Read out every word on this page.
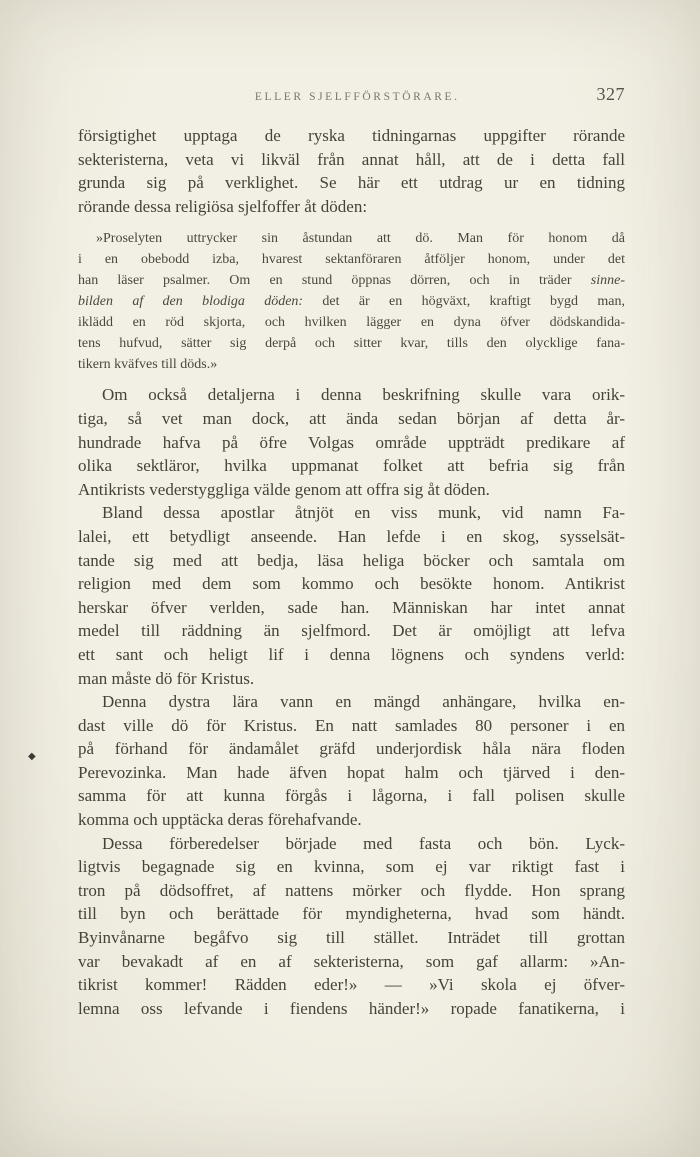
ELLER SJELFFÖRSTÖRARE.	327
◆
försigtighet upptaga de ryska tidningarnas uppgifter rörande
sekteristerna, veta vi likväl från annat håll, att de i detta fall
grunda sig på verklighet. Se här ett utdrag ur en tidning
rörande dessa religiösa sjelfoffer åt döden:
»Proselyten uttrycker sin åstundan att dö. Man för honom då
i en obebodd izba, hvarest sektanföraren åtföljer honom, under det
han läser psalmer. Om en stund öppnas dörren, och in träder sinne-
bilden af den blodiga döden: det är en högväxt, kraftigt bygd man,
iklädd en röd skjorta, och hvilken lägger en dyna öfver dödskandida-
tens hufvud, sätter sig derpå och sitter kvar, tills den olycklige fana-
tikern kväfves till döds.»
Om också detaljerna i denna beskrifning skulle vara orik-
tiga, så vet man dock, att ända sedan början af detta år-
hundrade hafva på öfre Volgas område uppträdt predikare af
olika sektläror, hvilka uppmanat folket att befria sig från
Antikrists vederstyggliga välde genom att offra sig åt döden.
Bland dessa apostlar åtnjöt en viss munk, vid namn Fa-
lalei, ett betydligt anseende. Han lefde i en skog, sysselsät-
tande sig med att bedja, läsa heliga böcker och samtala om
religion med dem som kommo och besökte honom. Antikrist
herskar öfver verlden, sade han. Människan har intet annat
medel till räddning än sjelfmord. Det är omöjligt att lefva
ett sant och heligt lif i denna lögnens och syndens verld:
man måste dö för Kristus.
Denna dystra lära vann en mängd anhängare, hvilka en-
dast ville dö för Kristus. En natt samlades 80 personer i en
på förhand för ändamålet gräfd underjordisk håla nära floden
Perevozinka. Man hade äfven hopat halm och tjärved i den-
samma för att kunna förgås i lågorna, i fall polisen skulle
komma och upptäcka deras förehafvande.
Dessa förberedelser började med fasta och bön. Lyck-
ligtvis begagnade sig en kvinna, som ej var riktigt fast i
tron på dödsoffret, af nattens mörker och flydde. Hon sprang
till byn och berättade för myndigheterna, hvad som händt.
Byinvånarne begåfvo sig till stället. Inträdet till grottan
var bevakadt af en af sekteristerna, som gaf allarm: »An-
tikrist kommer! Rädden eder!» — »Vi skola ej öfver-
lemna oss lefvande i fiendens händer!» ropade fanatikerna, i
